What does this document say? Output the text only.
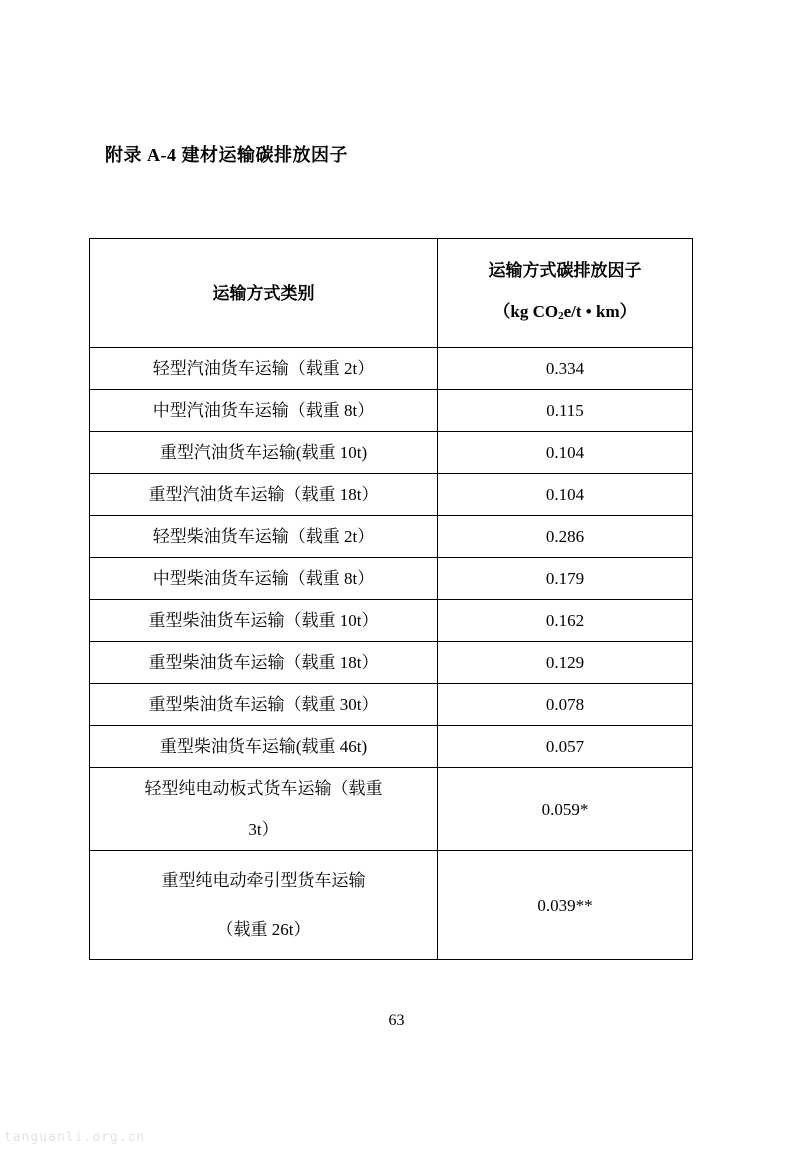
附录 A-4 建材运输碳排放因子
运输方式类别	运输方式碳排放因子
（kg $CO_2e/t$ • km）

轻型汽油货车运输（载重 2t）	0.334
中型汽油货车运输（载重 8t）	0.115
重型汽油货车运输(载重 10t)	0.104
重型汽油货车运输（载重 18t）	0.104
轻型柴油货车运输（载重 2t）	0.286
中型柴油货车运输（载重 8t）	0.179
重型柴油货车运输（载重 10t）	0.162
重型柴油货车运输（载重 18t）	0.129
重型柴油货车运输（载重 30t）	0.078
重型柴油货车运输(载重 46t)	0.057

轻型纯电动板式货车运输（载重
3t）	0.059*

重型纯电动牵引型货车运输
（载重 26t）	0.039**
63
tanguanli.org.cn
